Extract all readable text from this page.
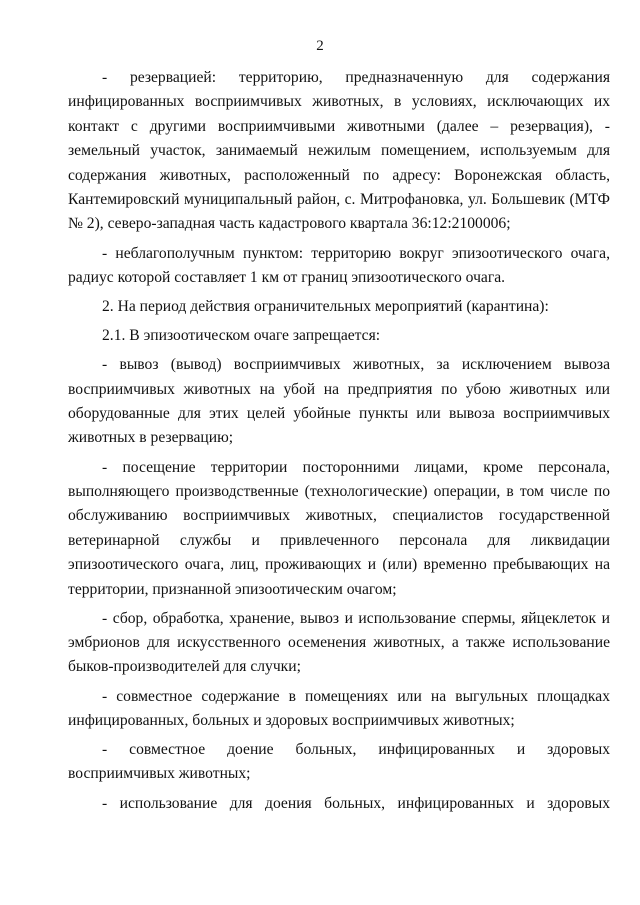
2

- резервацией: территорию, предназначенную для содержания инфицированных восприимчивых животных, в условиях, исключающих их контакт с другими восприимчивыми животными (далее – резервация), - земельный участок, занимаемый нежилым помещением, используемым для содержания животных, расположенный по адресу: Воронежская область, Кантемировский муниципальный район, с. Митрофановка, ул. Большевик (МТФ № 2), северо-западная часть кадастрового квартала 36:12:2100006;

- неблагополучным пунктом: территорию вокруг эпизоотического очага, радиус которой составляет 1 км от границ эпизоотического очага.

2. На период действия ограничительных мероприятий (карантина):

2.1. В эпизоотическом очаге запрещается:

- вывоз (вывод) восприимчивых животных, за исключением вывоза восприимчивых животных на убой на предприятия по убою животных или оборудованные для этих целей убойные пункты или вывоза восприимчивых животных в резервацию;

- посещение территории посторонними лицами, кроме персонала, выполняющего производственные (технологические) операции, в том числе по обслуживанию восприимчивых животных, специалистов государственной ветеринарной службы и привлеченного персонала для ликвидации эпизоотического очага, лиц, проживающих и (или) временно пребывающих на территории, признанной эпизоотическим очагом;

- сбор, обработка, хранение, вывоз и использование спермы, яйцеклеток и эмбрионов для искусственного осеменения животных, а также использование быков-производителей для случки;

- совместное содержание в помещениях или на выгульных площадках инфицированных, больных и здоровых восприимчивых животных;

- совместное доение больных, инфицированных и здоровых восприимчивых животных;

- использование для доения больных, инфицированных и здоровых
